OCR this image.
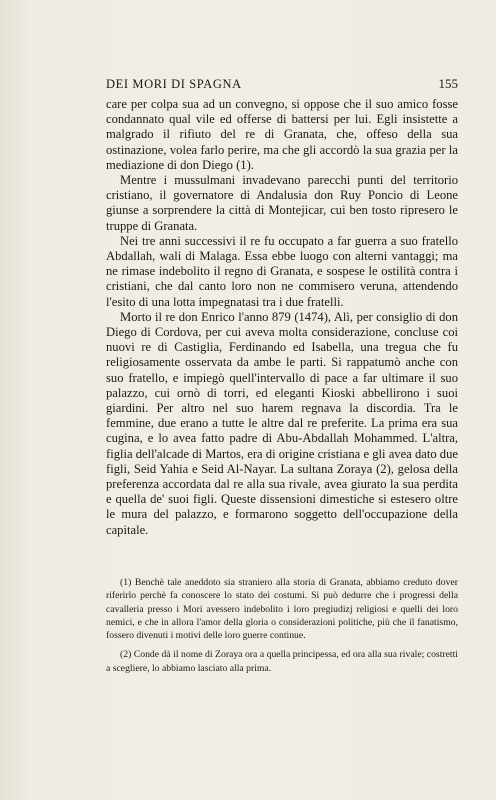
DEI MORI DI SPAGNA	155

care per colpa sua ad un convegno, si oppose che il suo amico fosse condannato qual vile ed offerse di battersi per lui. Egli insistette a malgrado il rifiuto del re di Granata, che, offeso della sua ostinazione, volea farlo perire, ma che gli accordò la sua grazia per la mediazione di don Diego (1).

Mentre i mussulmani invadevano parecchi punti del territorio cristiano, il governatore di Andalusia don Ruy Poncio di Leone giunse a sorprendere la città di Montejicar, cui ben tosto ripresero le truppe di Granata.

Nei tre anni successivi il re fu occupato a far guerra a suo fratello Abdallah, wali di Malaga. Essa ebbe luogo con alterni vantaggi; ma ne rimase indebolito il regno di Granata, e sospese le ostilità contra i cristiani, che dal canto loro non ne commisero veruna, attendendo l'esito di una lotta impegnatasi tra i due fratelli.

Morto il re don Enrico l'anno 879 (1474), Alì, per consiglio di don Diego di Cordova, per cui aveva molta considerazione, concluse coi nuovi re di Castiglia, Ferdinando ed Isabella, una tregua che fu religiosamente osservata da ambe le parti. Si rappatumò anche con suo fratello, e impiegò quell'intervallo di pace a far ultimare il suo palazzo, cui ornò di torri, ed eleganti Kioski abbellirono i suoi giardini. Per altro nel suo harem regnava la discordia. Tra le femmine, due erano a tutte le altre dal re preferite. La prima era sua cugina, e lo avea fatto padre di Abu-Abdallah Mohammed. L'altra, figlia dell'alcade di Martos, era di origine cristiana e gli avea dato due figli, Seid Yahia e Seid Al-Nayar. La sultana Zoraya (2), gelosa della preferenza accordata dal re alla sua rivale, avea giurato la sua perdita e quella de' suoi figli. Queste dissensioni dimestiche si estesero oltre le mura del palazzo, e formarono soggetto dell'occupazione della capitale.

(1) Benchè tale aneddoto sia straniero alla storia di Granata, abbiamo creduto dover riferirlo perchè fa conoscere lo stato dei costumi. Si può dedurre che i progressi della cavalleria presso i Mori avessero indebolito i loro pregiudizj religiosi e quelli dei loro nemici, e che in allora l'amor della gloria o considerazioni politiche, più che il fanatismo, fossero divenuti i motivi delle loro guerre continue.

(2) Conde dà il nome di Zoraya ora a quella principessa, ed ora alla sua rivale; costretti a scegliere, lo abbiamo lasciato alla prima.
